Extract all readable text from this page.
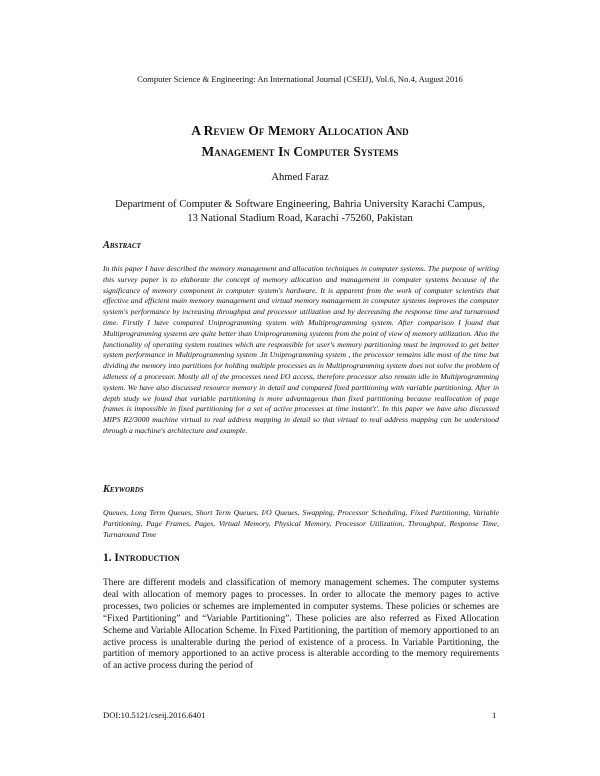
Computer Science & Engineering: An International Journal (CSEIJ), Vol.6, No.4, August 2016
A Review Of Memory Allocation And
Management In Computer Systems
Ahmed Faraz
Department of Computer & Software Engineering, Bahria University Karachi Campus,
13 National Stadium Road, Karachi -75260, Pakistan
Abstract
In this paper I have described the memory management and allocation techniques in computer systems. The purpose of writing this survey paper is to elaborate the concept of memory allocation and management in computer systems because of the significance of memory component in computer system's hardware. It is apparent from the work of computer scientists that effective and efficient main memory management and virtual memory management in computer systems improves the computer system's performance by increasing throughput and processor utilization and by decreasing the response time and turnaround time. Firstly I have compared Uniprogramming system with Multiprogramming system. After comparison I found that Multiprogramming systems are quite better than Uniprogramming systems from the point of view of memory utilization. Also the functionality of operating system routines which are responsible for user's memory partitioning must be improved to get better system performance in Multiprogramming system .In Uniprogramming system , the processor remains idle most of the time but dividing the memory into partitions for holding multiple processes as in Multiprogramming system does not solve the problem of idleness of a processor. Mostly all of the processes need I/O access, therefore processor also remain idle in Multiprogramming system. We have also discussed resource memory in detail and compared fixed partitioning with variable partitioning. After in depth study we found that variable partitioning is more advantageous than fixed partitioning because reallocation of page frames is impossible in fixed partitioning for a set of active processes at time instant't'. In this paper we have also discussed MIPS R2/3000 machine virtual to real address mapping in detail so that virtual to real address mapping can be understood through a machine's architecture and example.
Keywords
Queues, Long Term Queues, Short Term Queues, I/O Queues, Swapping, Processor Scheduling, Fixed Partitioning, Variable Partitioning, Page Frames, Pages, Virtual Memory, Physical Memory, Processor Utilization, Throughput, Response Time, Turnaround Time
1. Introduction
There are different models and classification of memory management schemes. The computer systems deal with allocation of memory pages to processes. In order to allocate the memory pages to active processes, two policies or schemes are implemented in computer systems. These policies or schemes are “Fixed Partitioning” and “Variable Partitioning”. These policies are also referred as Fixed Allocation Scheme and Variable Allocation Scheme. In Fixed Partitioning, the partition of memory apportioned to an active process is unalterable during the period of existence of a process. In Variable Partitioning, the partition of memory apportioned to an active process is alterable according to the memory requirements of an active process during the period of
DOI:10.5121/cseij.2016.6401	1
